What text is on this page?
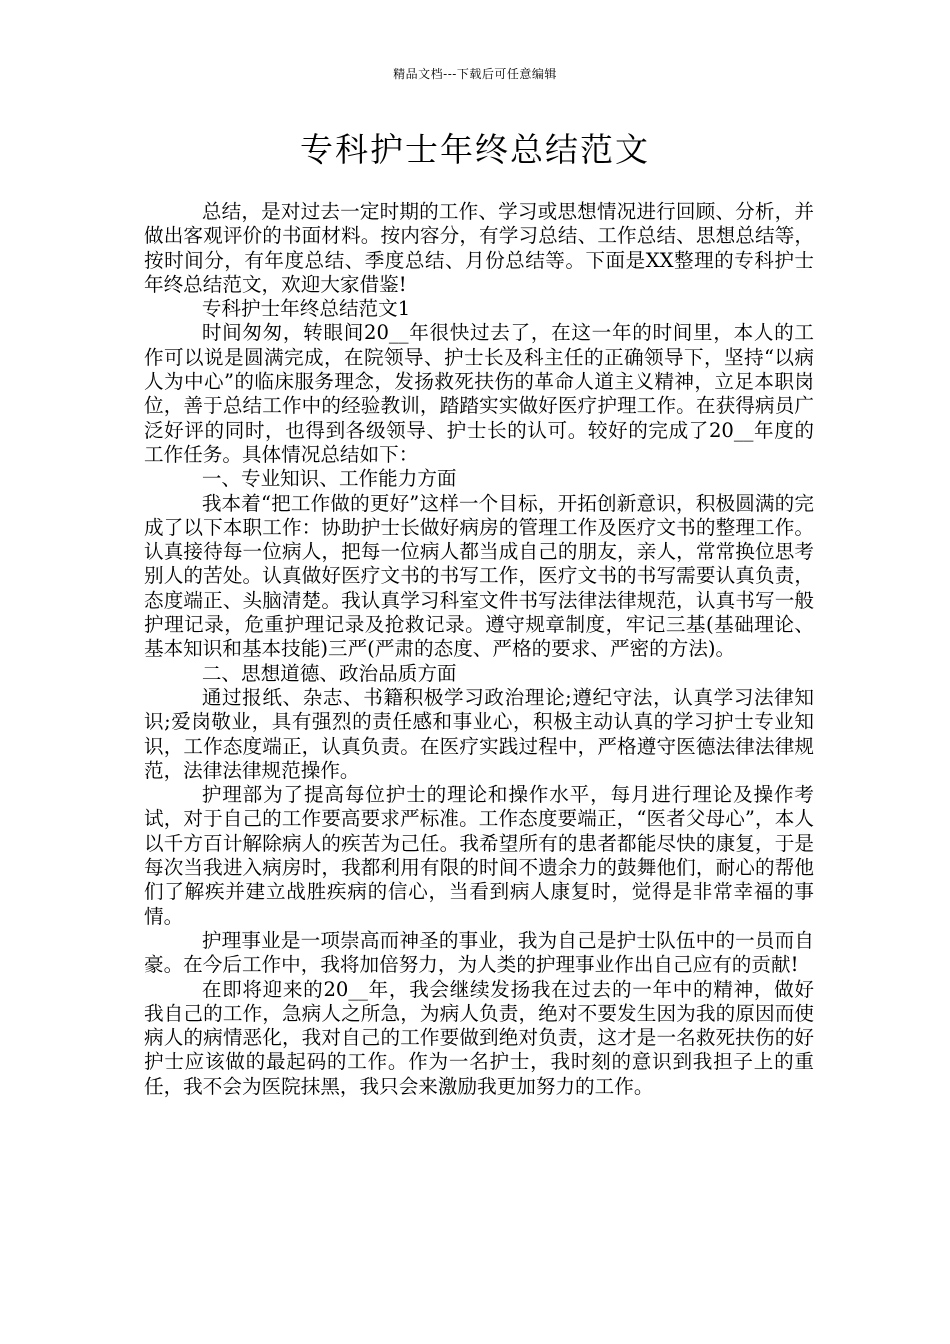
精品文档---下载后可任意编辑
专科护士年终总结范文

总结，是对过去一定时期的工作、学习或思想情况进行回顾、分析，并做出客观评价的书面材料。按内容分，有学习总结、工作总结、思想总结等，按时间分，有年度总结、季度总结、月份总结等。下面是XX整理的专科护士年终总结范文，欢迎大家借鉴!

专科护士年终总结范文1

时间匆匆，转眼间20__年很快过去了，在这一年的时间里，本人的工作可以说是圆满完成，在院领导、护士长及科主任的正确领导下，坚持“以病人为中心”的临床服务理念，发扬救死扶伤的革命人道主义精神，立足本职岗位，善于总结工作中的经验教训，踏踏实实做好医疗护理工作。在获得病员广泛好评的同时，也得到各级领导、护士长的认可。较好的完成了20__年度的工作任务。具体情况总结如下：

一、专业知识、工作能力方面

我本着“把工作做的更好”这样一个目标，开拓创新意识，积极圆满的完成了以下本职工作：协助护士长做好病房的管理工作及医疗文书的整理工作。认真接待每一位病人，把每一位病人都当成自己的朋友，亲人，常常换位思考别人的苦处。认真做好医疗文书的书写工作，医疗文书的书写需要认真负责，态度端正、头脑清楚。我认真学习科室文件书写法律法律规范，认真书写一般护理记录，危重护理记录及抢救记录。遵守规章制度，牢记三基(基础理论、基本知识和基本技能)三严(严肃的态度、严格的要求、严密的方法)。

二、思想道德、政治品质方面

通过报纸、杂志、书籍积极学习政治理论;遵纪守法，认真学习法律知识;爱岗敬业，具有强烈的责任感和事业心，积极主动认真的学习护士专业知识，工作态度端正，认真负责。在医疗实践过程中，严格遵守医德法律法律规范，法律法律规范操作。

护理部为了提高每位护士的理论和操作水平，每月进行理论及操作考试，对于自己的工作要高要求严标准。工作态度要端正，“医者父母心”，本人以千方百计解除病人的疾苦为己任。我希望所有的患者都能尽快的康复，于是每次当我进入病房时，我都利用有限的时间不遗余力的鼓舞他们，耐心的帮他们了解疾并建立战胜疾病的信心，当看到病人康复时，觉得是非常幸福的事情。

护理事业是一项崇高而神圣的事业，我为自己是护士队伍中的一员而自豪。在今后工作中，我将加倍努力，为人类的护理事业作出自己应有的贡献!

在即将迎来的20__年，我会继续发扬我在过去的一年中的精神，做好我自己的工作，急病人之所急，为病人负责，绝对不要发生因为我的原因而使病人的病情恶化，我对自己的工作要做到绝对负责，这才是一名救死扶伤的好护士应该做的最起码的工作。作为一名护士，我时刻的意识到我担子上的重任，我不会为医院抹黑，我只会来激励我更加努力的工作。
